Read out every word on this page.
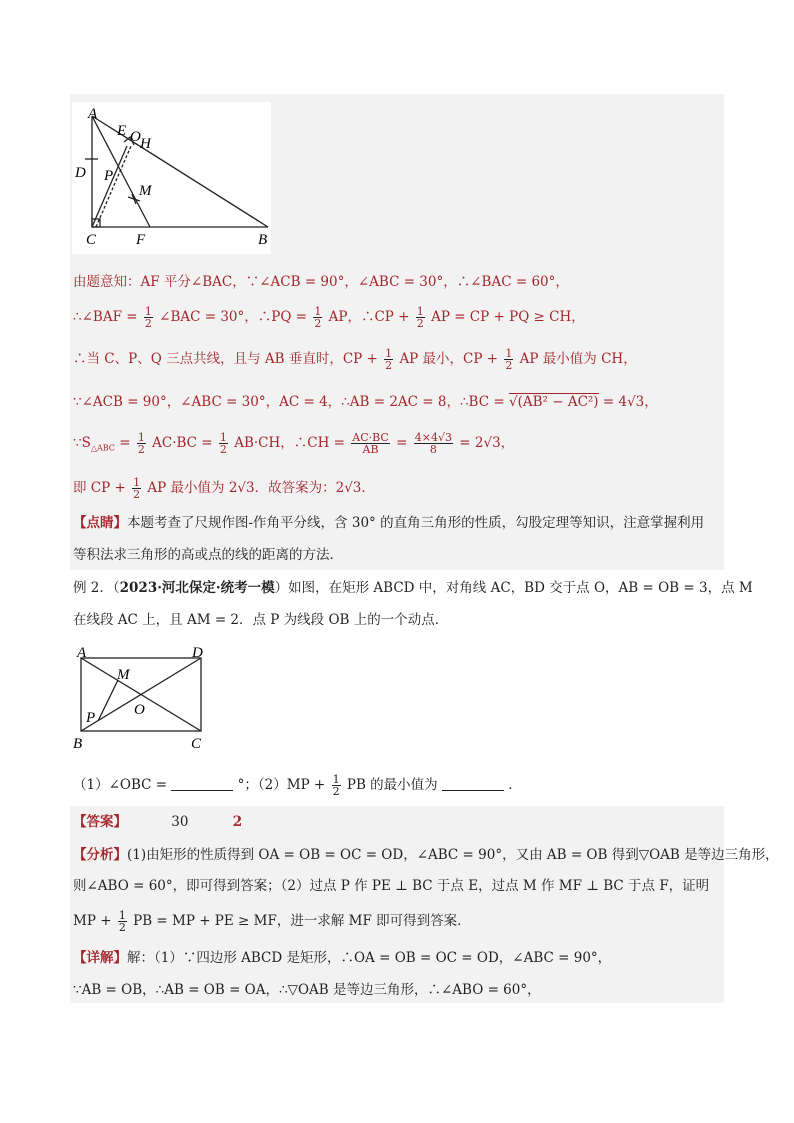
A
E O H
D P
M
C	F	B
由题意知：AF 平分∠BAC，∵∠ACB = 90°，∠ABC = 30°，∴∠BAC = 60°，
∴∠BAF = $\frac{1}{2}$ ∠BAC = 30°，∴PQ = $\frac{1}{2}$ AP，∴CP + $\frac{1}{2}$ AP = CP + PQ ≥ CH，
∴当 C、P、Q 三点共线，且与 AB 垂直时，CP + $\frac{1}{2}$ AP 最小，CP + $\frac{1}{2}$ AP 最小值为 CH，
∵∠ACB = 90°，∠ABC = 30°，AC = 4，∴AB = 2AC = 8，∴BC = √(AB² − AC²) = 4√3，
$\because S_{\triangle ABC} = \frac{1}{2} AC\cdot BC = \frac{1}{2} AB\cdot CH$，∴CH = $\frac{AC\cdot BC}{AB} = \frac{4\times 4√3}{8} = 2√3$，
即 CP + $\frac{1}{2}$ AP 最小值为 2√3．故答案为：2√3．
【点睛】本题考查了尺规作图-作角平分线，含 30° 的直角三角形的性质，勾股定理等知识，注意掌握利用
等积法求三角形的高或点的线的距离的方法．
例 2．（2023·河北保定·统考一模）如图，在矩形 ABCD 中，对角线 AC，BD 交于点 O，AB = OB = 3，点 M
在线段 AC 上，且 AM = 2．点 P 为线段 OB 上的一个动点．
A	D
M
O
P
B	C
（1）∠OBC =	°；$(2)MP + \frac{1}{2}$ PB 的最小值为	．
【答案】	30	2
【分析】(1)由矩形的性质得到 OA = OB = OC = OD，∠ABC = 90°，又由 AB = OB 得到▽OAB 是等边三角形，
则∠ABO = 60°，即可得到答案；（2）过点 P 作 PE ⊥ BC 于点 E，过点 M 作 MF ⊥ BC 于点 F，证明
MP + $\frac{1}{2}$ PB = MP + PE ≥ MF，进一求解 MF 即可得到答案．
【详解】解：（1）∵四边形 ABCD 是矩形，∴OA = OB = OC = OD，∠ABC = 90°，
∵AB = OB，∴AB = OB = OA，∴▽OAB 是等边三角形，∴∠ABO = 60°，
